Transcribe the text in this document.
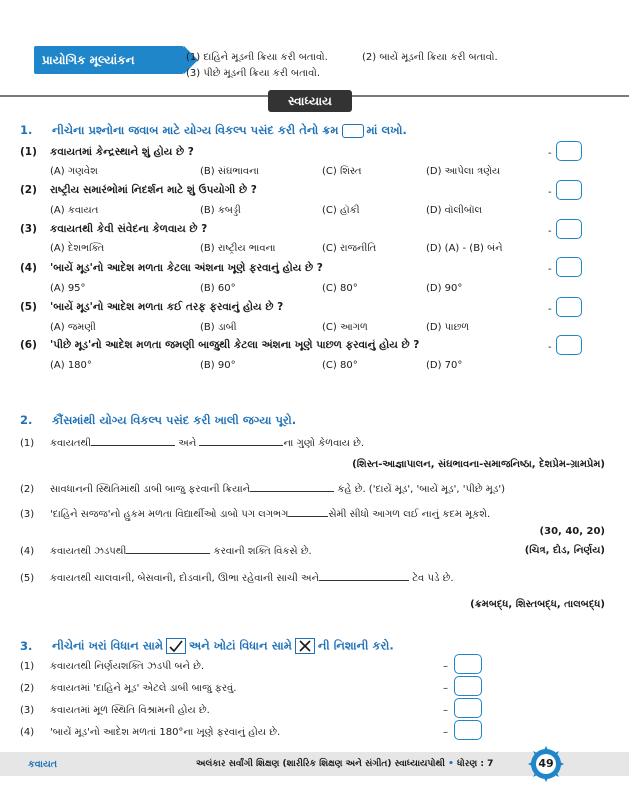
પ્રાયોગિક મૂલ્યાંકન	(1) દાહિને મૂડની ક્રિયા કરી બતાવો.	(2) બાયેં મૂડની ક્રિયા કરી બતાવો.
(3) પીછે મૂડની ક્રિયા કરી બતાવો.
સ્વાધ્યાય
1. નીચેના પ્રશ્નોના જવાબ માટે યોગ્ય વિકલ્પ પસંદ કરી તેનો ક્રમ માં લખો.
(1) કવાયતમાં કેન્દ્રસ્થાને શું હોય છે ?
(A) ગણવેશ	(B) સંઘભાવના	(C) શિસ્ત	(D) આપેલા ત્રણેય
-
(2) રાષ્ટ્રીય સમારંભોમાં નિદર્શન માટે શું ઉપયોગી છે ?
(A) કવાયત	(B) કબડ્ડી	(C) હૉકી	(D) વૉલીબૉલ
-
(3) કવાયતથી કેવી સંવેદના કેળવાય છે ?
(A) દેશભક્તિ	(B) રાષ્ટ્રીય ભાવના	(C) રાજનીતિ	(D) (A) - (B) બંને
-
(4) 'બાયેં મૂડ'નો આદેશ મળતા કેટલા અંશના ખૂણે ફરવાનું હોય છે ?
(A) 95°	(B) 60°	(C) 80°	(D) 90°
-
(5) 'બાયેં મૂડ'નો આદેશ મળતા કઈ તરફ ફરવાનું હોય છે ?
(A) જમણી	(B) ડાબી	(C) આગળ	(D) પાછળ
-
(6) 'પીછે મૂડ'નો આદેશ મળતા જમણી બાજુથી કેટલા અંશના ખૂણે પાછળ ફરવાનું હોય છે ?
(A) 180°	(B) 90°	(C) 80°	(D) 70°
-
2. કૌંસમાંથી યોગ્ય વિકલ્પ પસંદ કરી ખાલી જગ્યા પૂરો.
(1) કવાયતથી	અને	ના ગુણો કેળવાય છે.
(શિસ્ત-આજ્ઞાપાલન, સંઘભાવના-સમાજનિષ્ઠા, દેશપ્રેમ-ગ્રામપ્રેમ)
(2) સાવધાનની સ્થિતિમાંથી ડાબી બાજુ ફરવાની ક્રિયાને	કહે છે. ('દાયેં મૂડ', 'બાયેં મૂડ', 'પીછે મૂડ')
(3) 'દાહિને સજજ'નો હુકમ મળતા વિદ્યાર્થીઓ ડાબો પગ લગભગ	સેમી સીધો આગળ લઈ નાનું કદમ મૂકશે.
(30, 40, 20)
(4) કવાયતથી ઝડપથી	કરવાની શક્તિ વિકસે છે.	(ચિત્ર, દોડ, નિર્ણય)
(5) કવાયતથી ચાલવાની, બેસવાની, દોડવાની, ઊભા રહેવાની સાચી અને	ટેવ પડે છે.
(ક્રમબદ્ધ, શિસ્તબદ્ધ, તાલબદ્ધ)
3. નીચેનાં ખરાં વિધાન સામે અને ખોટાં વિધાન સામે ની નિશાની કરો.
(1) કવાયતથી નિર્ણયશક્તિ ઝડપી બને છે.	–
(2) કવાયતમાં 'દાહિને મૂડ' એટલે ડાબી બાજુ ફરવું.	–
(3) કવાયતમાં મૂળ સ્થિતિ વિશ્રામની હોય છે.	–
(4) 'બાયેં મૂડ'નો આદેશ મળતાં 180°ના ખૂણે ફરવાનું હોય છે.	–
કવાયત	અલંકાર સર્વાંગી શિક્ષણ (શારીરિક શિક્ષણ અને સંગીત) સ્વાધ્યાયપોથી • ધોરણ : 7	49
